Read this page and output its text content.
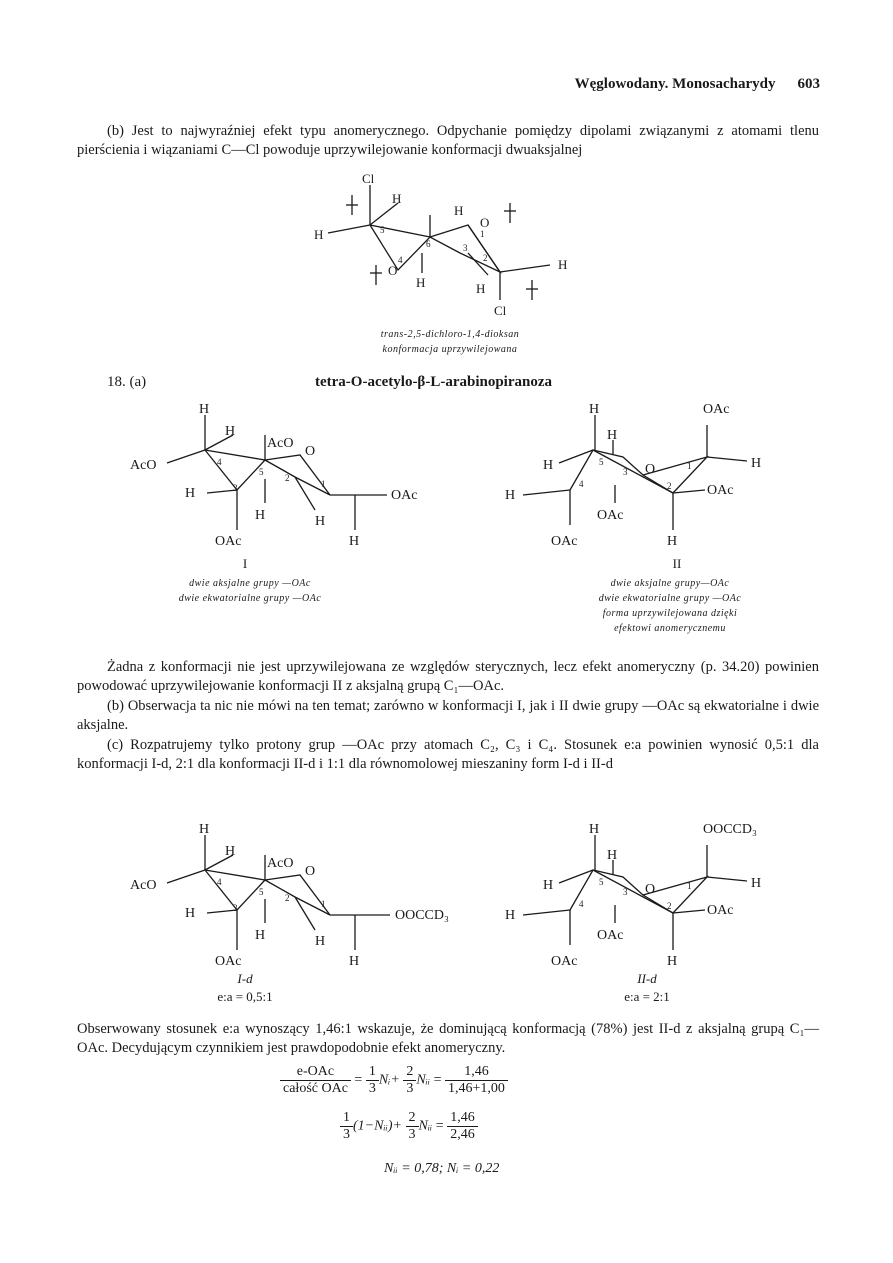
Węglowodany. Monosacharydy 603
(b) Jest to najwyraźniej efekt typu anomerycznego. Odpychanie pomiędzy dipolami związanymi z atomami tlenu pierścienia i wiązaniami C—Cl powoduje uprzywilejowanie konformacji dwuaksjalnej
Cl
H
H
H
O
O
H	H
H
Cl
1
2
3
4
5
6
trans-2,5-dichloro-1,4-dioksan
konformacja uprzywilejowana
18. (a)	tetra-O-acetylo-β-L-arabinopiranoza
H
H
AcO
AcO
O
H	OAc
H	H
OAc	H
4
5
2
3	1
I
dwie aksjalne grupy —OAc
dwie ekwatorialne grupy —OAc
H	OAc
H
H	O	H
H	OAc
OAc
OAc	H
5
4
3
2
1
II
dwie aksjalne grupy—OAc
dwie ekwatorialne grupy —OAc
forma uprzywilejowana dzięki
efektowi anomerycznemu
Żadna z konformacji nie jest uprzywilejowana ze względów sterycznych, lecz efekt anomeryczny (p. 34.20) powinien powodować uprzywilejowanie konformacji II z aksjalną grupą C₁—OAc.
(b) Obserwacja ta nic nie mówi na ten temat; zarówno w konformacji I, jak i II dwie grupy —OAc są ekwatorialne i dwie aksjalne.
(c) Rozpatrujemy tylko protony grup —OAc przy atomach C₂, C₃ i C₄. Stosunek e:a powinien wynosić 0,5:1 dla konformacji I-d, 2:1 dla konformacji II-d i 1:1 dla równomolowej mieszaniny form I-d i II-d
H
H
AcO
AcO
O
H	OOCCD₃
H	H
OAc	H
4
5
2
3	1
I-d
e:a = 0,5:1
H	OOCCD₃
H
H	O	H
H	OAc
OAc
OAc	H
5
4
3
2
1
II-d
e:a = 2:1
Obserwowany stosunek e:a wynoszący 1,46:1 wskazuje, że dominującą konformacją (78%) jest II-d z aksjalną grupą C₁—OAc. Decydującym czynnikiem jest prawdopodobnie efekt anomeryczny.
$\frac{\text{e-OAc}}{\text{całość OAc}} = \frac{1}{3}$ Nᵢ+ $\frac{2}{3}$ Nᵢᵢ = $\frac{1,46}{1,46+1,00}$
$\frac{1}{3}$ (1−Nᵢᵢ)+ $\frac{2}{3}$ Nᵢᵢ = $\frac{1,46}{2,46}$
Nᵢᵢ = 0,78; Nᵢ = 0,22
